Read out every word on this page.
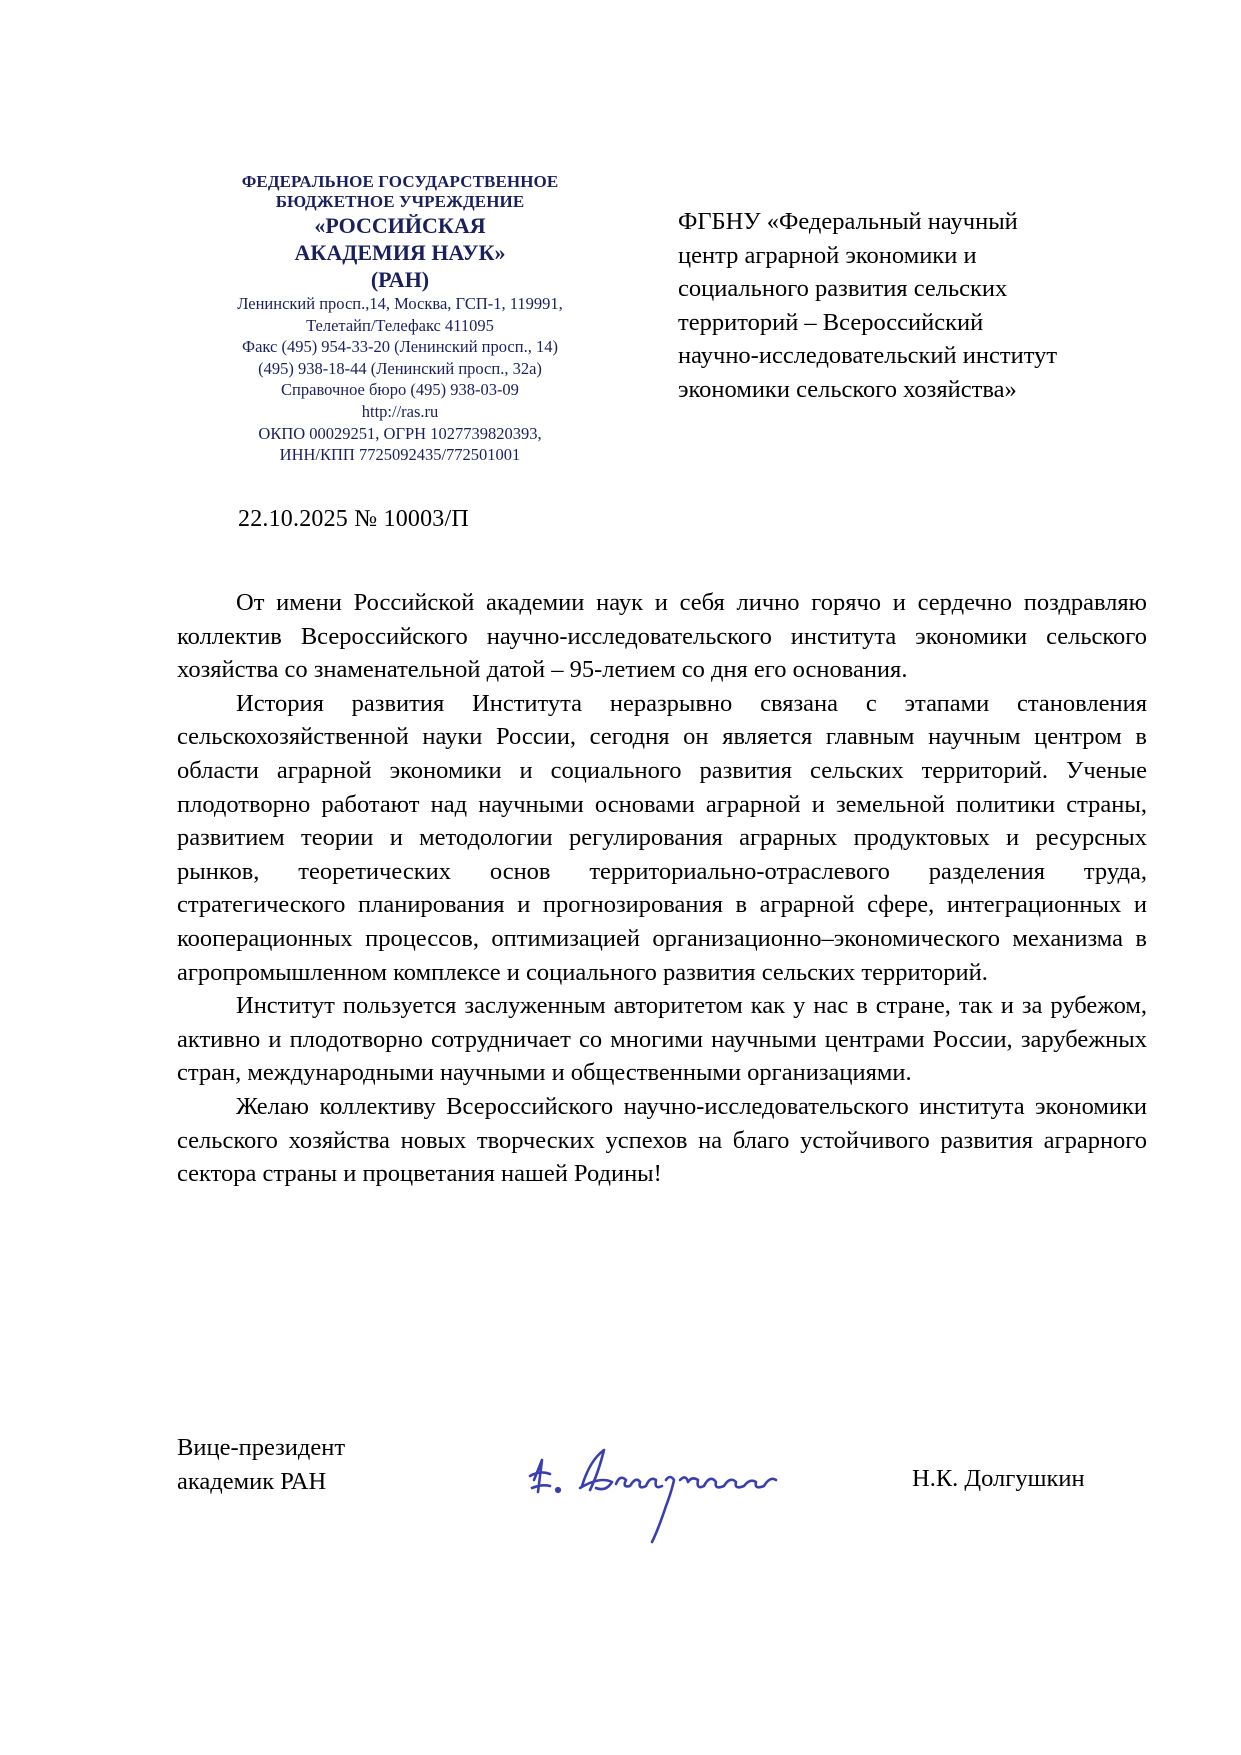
ФЕДЕРАЛЬНОЕ ГОСУДАРСТВЕННОЕ
БЮДЖЕТНОЕ УЧРЕЖДЕНИЕ
«РОССИЙСКАЯ
АКАДЕМИЯ НАУК»
(РАН)
Ленинский просп.,14, Москва, ГСП-1, 119991,
Телетайп/Телефакс 411095
Факс (495) 954-33-20 (Ленинский просп., 14)
(495) 938-18-44 (Ленинский просп., 32а)
Справочное бюро (495) 938-03-09
http://ras.ru
ОКПО 00029251, ОГРН 1027739820393,
ИНН/КПП 7725092435/772501001
22.10.2025 № 10003/П
ФГБНУ «Федеральный научный
центр аграрной экономики и
социального развития сельских
территорий – Всероссийский
научно-исследовательский институт
экономики сельского хозяйства»

От имени Российской академии наук и себя лично горячо и сердечно поздравляю коллектив Всероссийского научно-исследовательского института экономики сельского хозяйства со знаменательной датой – 95-летием со дня его основания.

История развития Института неразрывно связана с этапами становления сельскохозяйственной науки России, сегодня он является главным научным центром в области аграрной экономики и социального развития сельских территорий. Ученые плодотворно работают над научными основами аграрной и земельной политики страны, развитием теории и методологии регулирования аграрных продуктовых и ресурсных рынков, теоретических основ территориально-отраслевого разделения труда, стратегического планирования и прогнозирования в аграрной сфере, интеграционных и кооперационных процессов, оптимизацией организационно–экономического механизма в агропромышленном комплексе и социального развития сельских территорий.

Институт пользуется заслуженным авторитетом как у нас в стране, так и за рубежом, активно и плодотворно сотрудничает со многими научными центрами России, зарубежных стран, международными научными и общественными организациями.

Желаю коллективу Всероссийского научно-исследовательского института экономики сельского хозяйства новых творческих успехов на благо устойчивого развития аграрного сектора страны и процветания нашей Родины!

Вице-президент
академик РАН	Н.К. Долгушкин
